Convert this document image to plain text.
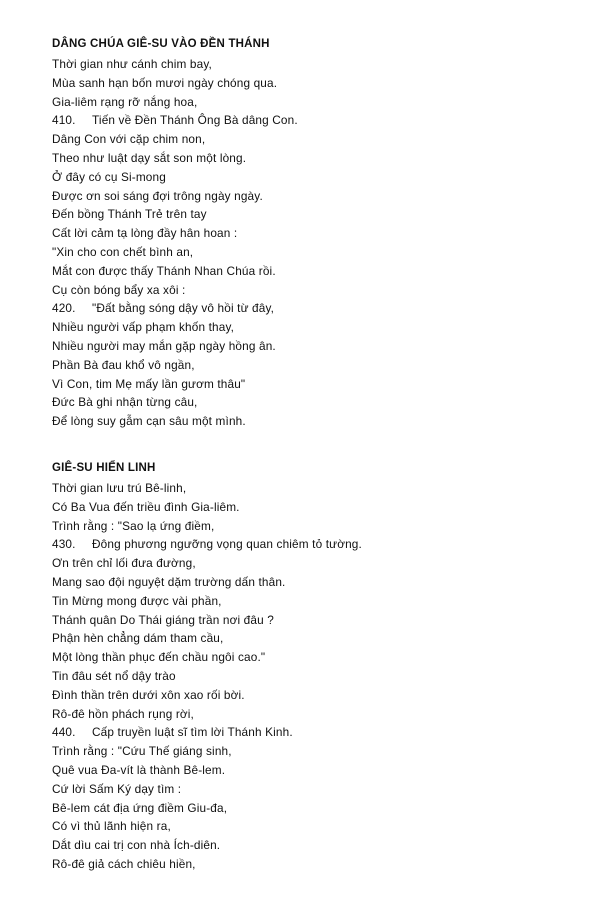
DÂNG CHÚA GIÊ-SU VÀO ĐỀN THÁNH
Thời gian như cánh chim bay,
Mùa sanh hạn bốn mươi ngày chóng qua.
Gia-liêm rạng rỡ nắng hoa,
410. Tiến về Đền Thánh Ông Bà dâng Con.
Dâng Con với cặp chim non,
Theo như luật dạy sắt son một lòng.
Ở đây có cụ Si-mong
Được ơn soi sáng đợi trông ngày ngày.
Đến bồng Thánh Trẻ trên tay
Cất lời cảm tạ lòng đầy hân hoan :
"Xin cho con chết bình an,
Mắt con được thấy Thánh Nhan Chúa rồi.
Cụ còn bóng bẩy xa xôi :
420. "Đất bằng sóng dậy vô hồi từ đây,
Nhiều người vấp phạm khốn thay,
Nhiều người may mắn gặp ngày hồng ân.
Phần Bà đau khổ vô ngần,
Vì Con, tim Mẹ mấy lần gươm thâu"
Đức Bà ghi nhận từng câu,
Để lòng suy gẫm cạn sâu một mình.
GIÊ-SU HIỂN LINH
Thời gian lưu trú Bê-linh,
Có Ba Vua đến triều đình Gia-liêm.
Trình rằng : "Sao lạ ứng điềm,
430. Đông phương ngưỡng vọng quan chiêm tỏ tường.
Ơn trên chỉ lối đưa đường,
Mang sao đội nguyệt dặm trường dấn thân.
Tin Mừng mong được vài phần,
Thánh quân Do Thái giáng trần nơi đâu ?
Phận hèn chẳng dám tham cầu,
Một lòng thần phục đến chầu ngôi cao."
Tin đâu sét nổ dậy trào
Đình thần trên dưới xôn xao rối bời.
Rô-đê hồn phách rụng rời,
440. Cấp truyền luật sĩ tìm lời Thánh Kinh.
Trình rằng : "Cứu Thế giáng sinh,
Quê vua Đa-vít là thành Bê-lem.
Cứ lời Sấm Ký dạy tìm :
Bê-lem cát địa ứng điềm Giu-đa,
Có vì thủ lãnh hiện ra,
Dắt dìu cai trị con nhà Ích-diên.
Rô-đê giả cách chiêu hiền,
